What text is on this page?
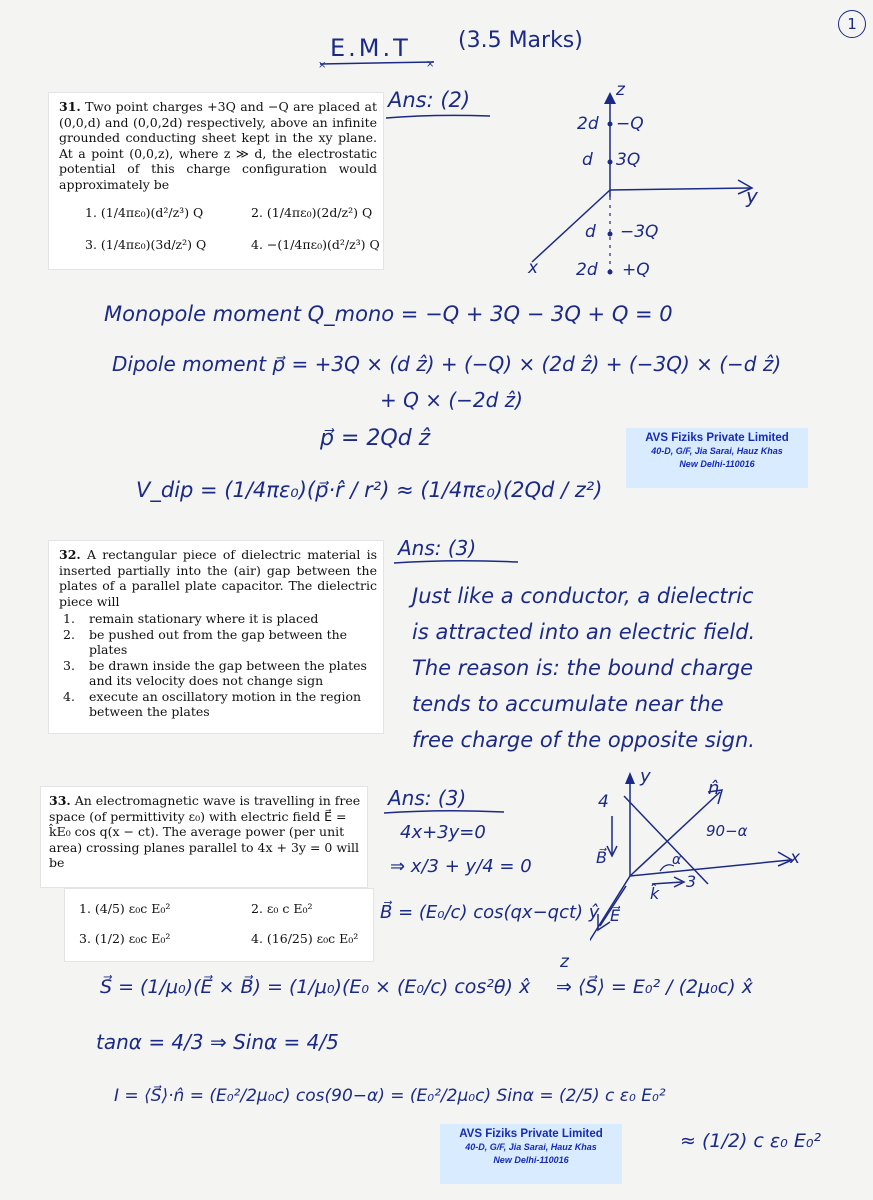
E.M.T
×	×
(3.5 Marks)
1
31. Two point charges +3Q and −Q are placed at (0,0,d) and (0,0,2d) respectively, above an infinite grounded conducting sheet kept in the xy plane. At a point (0,0,z), where z ≫ d, the electrostatic potential of this charge configuration would approximately be
1. (1/4πε₀)(d²/z³) Q	2. (1/4πε₀)(2d/z²) Q
3. (1/4πε₀)(3d/z²) Q	4. −(1/4πε₀)(d²/z³) Q
Ans: (2)	z
y
x
2d −Q
d 3Q
d −3Q
2d +Q
Monopole moment Q_mono = −Q + 3Q − 3Q + Q = 0
Dipole moment p⃗ = +3Q × (d ẑ) + (−Q) × (2d ẑ) + (−3Q) × (−d ẑ)
+ Q × (−2d ẑ)
p⃗ = 2Qd ẑ
V_dip = (1/4πε₀)(p⃗·r̂ / r²) ≈ (1/4πε₀)(2Qd / z²)
AVS Fiziks Private Limited
40-D, G/F, Jia Sarai, Hauz Khas
New Delhi-110016
32. A rectangular piece of dielectric material is inserted partially into the (air) gap between the plates of a parallel plate capacitor. The dielectric piece will
1. remain stationary where it is placed
2. be pushed out from the gap between the plates
3. be drawn inside the gap between the plates and its velocity does not change sign
4. execute an oscillatory motion in the region between the plates
Ans: (3)
Just like a conductor, a dielectric
is attracted into an electric field.
The reason is: the bound charge
tends to accumulate near the
free charge of the opposite sign.
33. An electromagnetic wave is travelling in free space (of permittivity ε₀) with electric field E⃗ = k̂E₀ cos q(x − ct). The average power (per unit area) crossing planes parallel to 4x + 3y = 0 will be
1. (4/5) ε₀c E₀²	2. ε₀ c E₀²
3. (1/2) ε₀c E₀²	4. (16/25) ε₀c E₀²
Ans: (3)
4x+3y=0
⇒ x/3 + y/4 = 0
B⃗ = (E₀/c) cos(qx−qct) ŷ
y
4
n̂
90−α
α
B⃗	x
3
k̂
E⃗
z
S⃗ = (1/μ₀)(E⃗ × B⃗) = (1/μ₀)(E₀ × (E₀/c) cos²θ) x̂ ⇒ ⟨S⃗⟩ = E₀² / (2μ₀c) x̂
tanα = 4/3 ⇒ Sinα = 4/5
I = ⟨S⃗⟩·n̂ = (E₀²/2μ₀c) cos(90−α) = (E₀²/2μ₀c) Sinα = (2/5) c ε₀ E₀²
≈ (1/2) c ε₀ E₀²
AVS Fiziks Private Limited
40-D, G/F, Jia Sarai, Hauz Khas
New Delhi-110016
